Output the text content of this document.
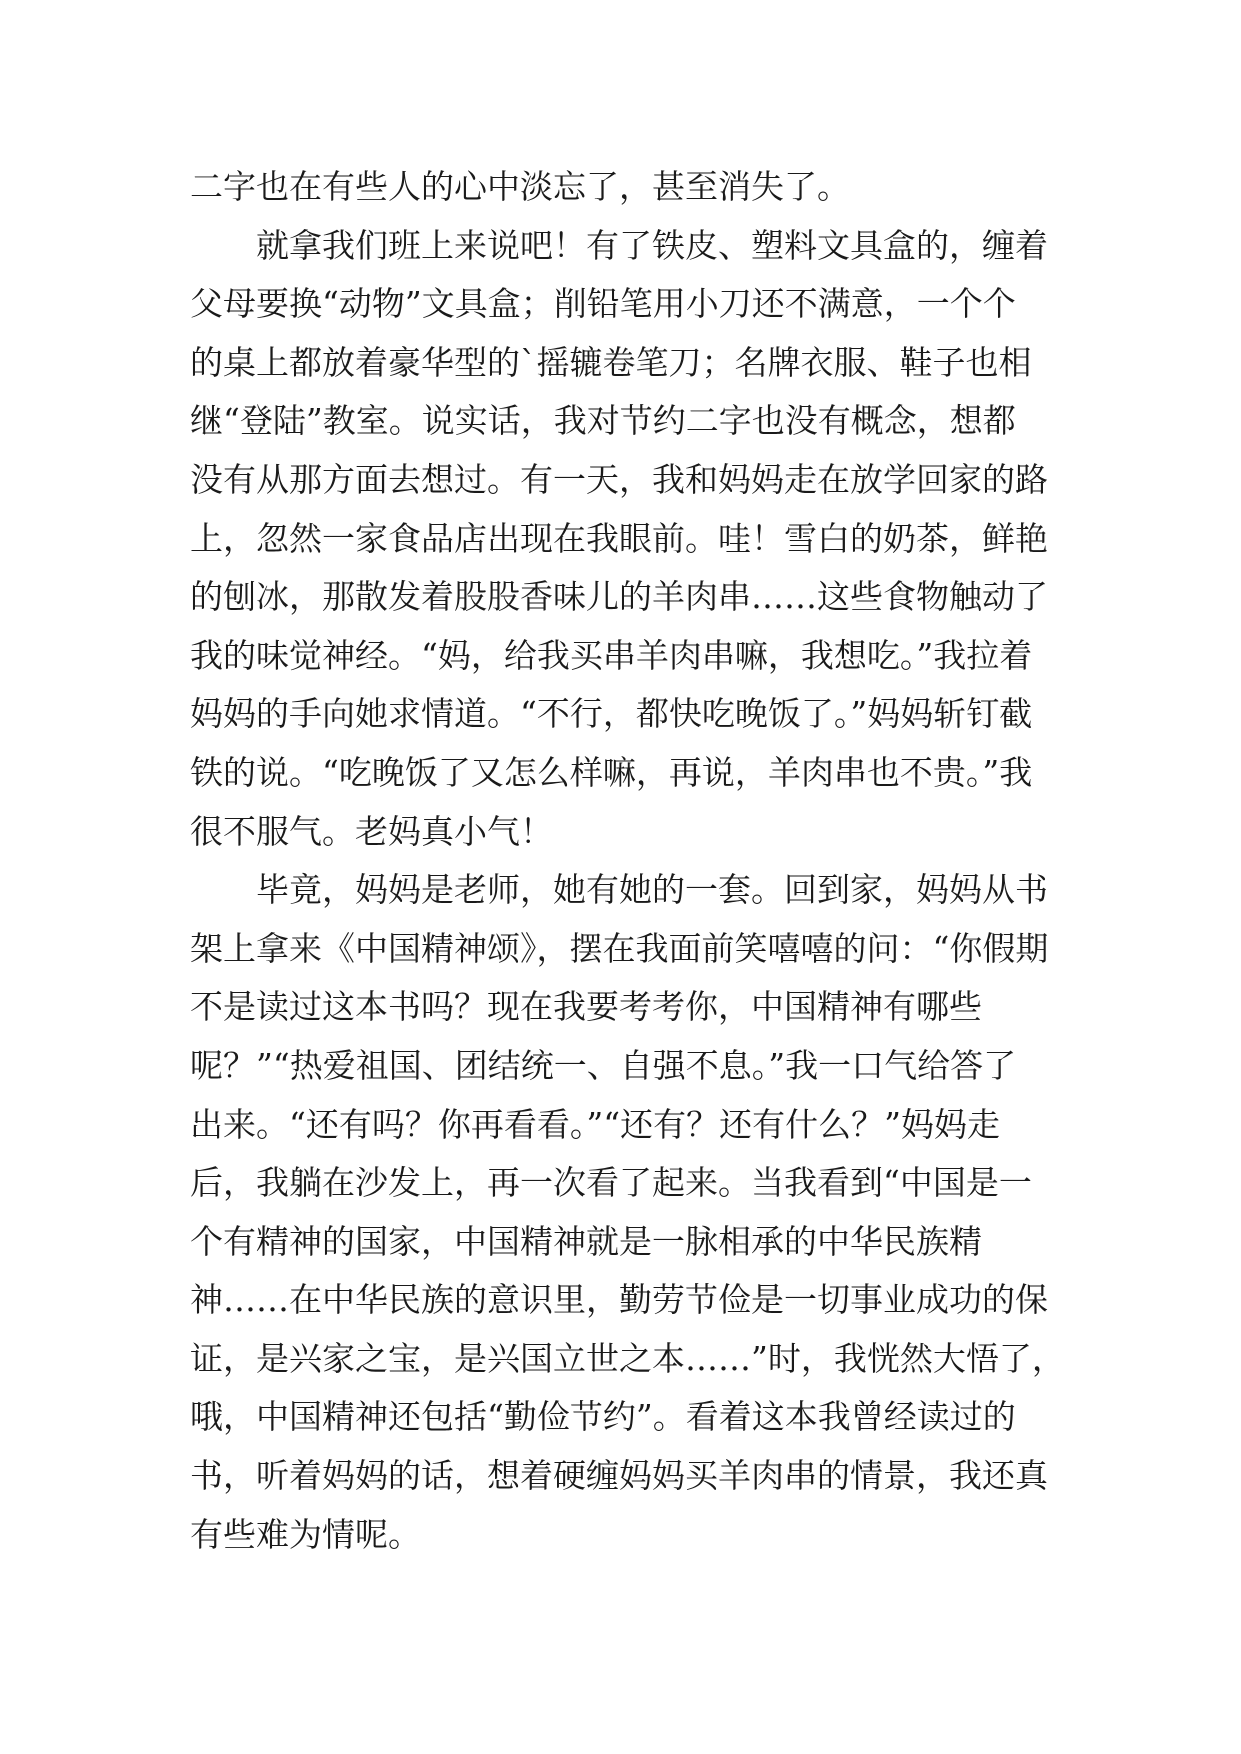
二字也在有些人的心中淡忘了，甚至消失了。
就拿我们班上来说吧！有了铁皮、塑料文具盒的，缠着
父母要换“动物”文具盒；削铅笔用小刀还不满意，一个个
的桌上都放着豪华型的`摇辘卷笔刀；名牌衣服、鞋子也相
继“登陆”教室。说实话，我对节约二字也没有概念，想都
没有从那方面去想过。有一天，我和妈妈走在放学回家的路
上，忽然一家食品店出现在我眼前。哇！雪白的奶茶，鲜艳
的刨冰，那散发着股股香味儿的羊肉串……这些食物触动了
我的味觉神经。“妈，给我买串羊肉串嘛，我想吃。”我拉着
妈妈的手向她求情道。“不行，都快吃晚饭了。”妈妈斩钉截
铁的说。“吃晚饭了又怎么样嘛，再说，羊肉串也不贵。”我
很不服气。老妈真小气！
毕竟，妈妈是老师，她有她的一套。回到家，妈妈从书
架上拿来《中国精神颂》，摆在我面前笑嘻嘻的问：“你假期
不是读过这本书吗？现在我要考考你，中国精神有哪些
呢？”“热爱祖国、团结统一、自强不息。”我一口气给答了
出来。“还有吗？你再看看。”“还有？还有什么？”妈妈走
后，我躺在沙发上，再一次看了起来。当我看到“中国是一
个有精神的国家，中国精神就是一脉相承的中华民族精
神……在中华民族的意识里，勤劳节俭是一切事业成功的保
证，是兴家之宝，是兴国立世之本……”时，我恍然大悟了，
哦，中国精神还包括“勤俭节约”。看着这本我曾经读过的
书，听着妈妈的话，想着硬缠妈妈买羊肉串的情景，我还真
有些难为情呢。
